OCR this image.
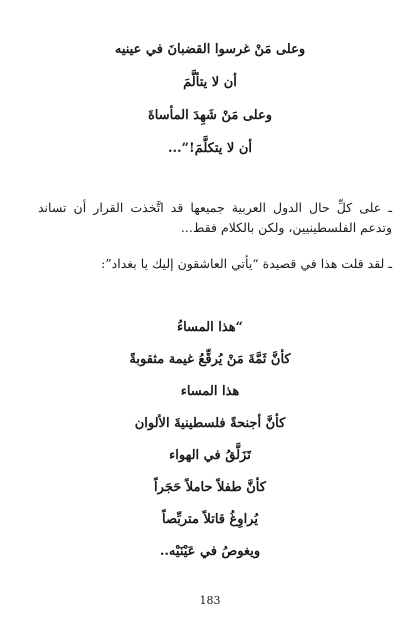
وعلى مَنْ غرسوا القضبانَ في عينيه
أن لا يتألَّمَ
وعلى مَنْ شَهِدَ المأساةَ
أن لا يتكلَّمَ!”...
ـ على كلِّ حال الدول العربية جميعها قد اتَّخذت القرار أن تساند وتدعم الفلسطينيين، ولكن بالكلام فقط...
ـ لقد قلت هذا في قصيدة “يأتي العاشقون إليك يا بغداد”:
“هذا المساءُ
كأنَّ ثَمَّةَ مَنْ يُرقِّعُ غيمة مثقوبةً
هذا المساء
كأنَّ أجنحةً فلسطينيةَ الألوان
تَزَلَّقُ في الهواء
كأنَّ طفلاً حاملاً حَجَراً
يُراوِغُ قاتلاً متربِّصاً
ويغوصُ في عَيْنَيْه..
183
